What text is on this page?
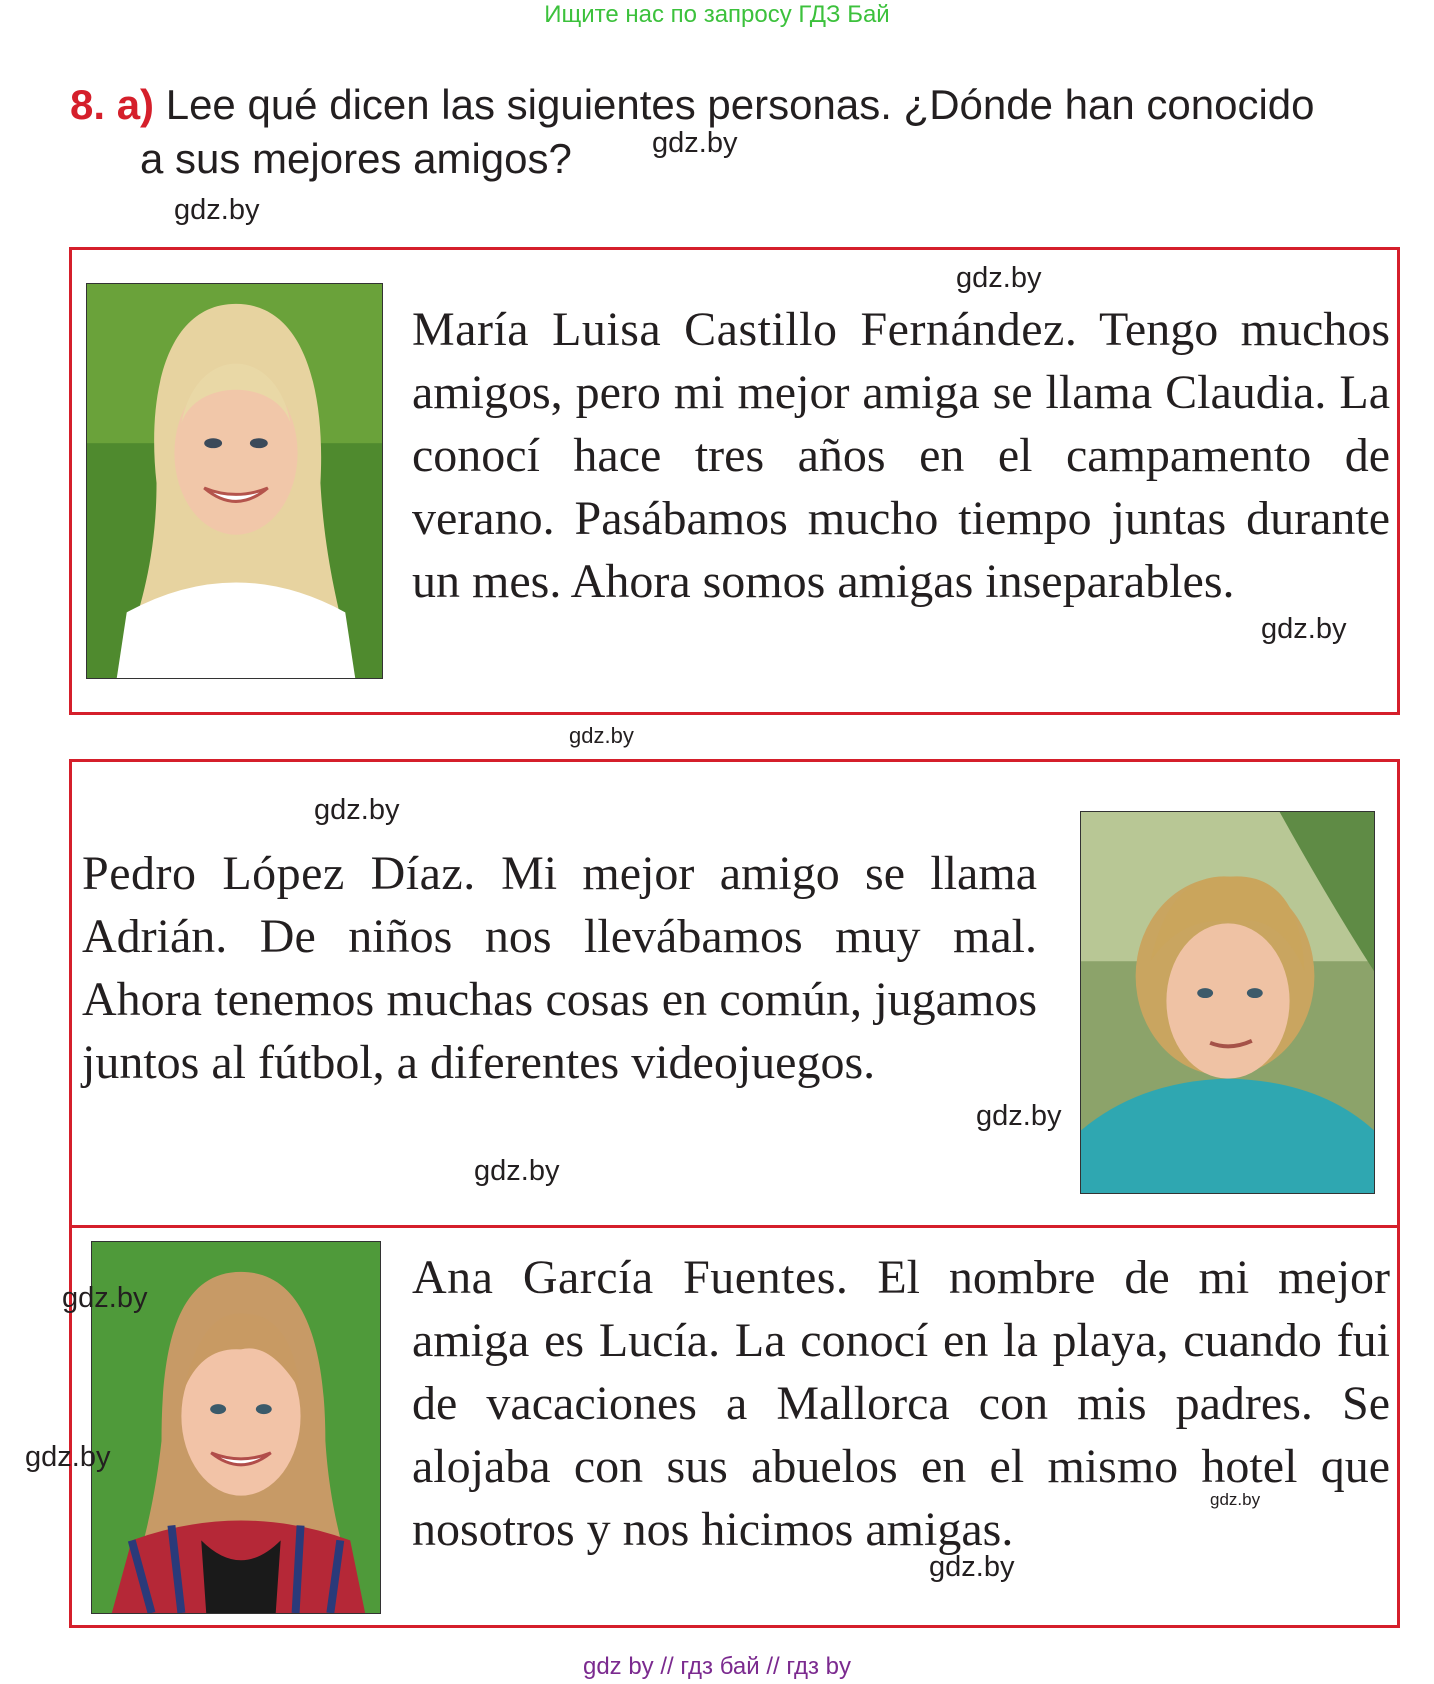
Ищите нас по запросу ГДЗ Бай
8. а) Lee qué dicen las siguientes personas. ¿Dónde han conocido
a sus mejores amigos?
María Luisa Castillo Fernández. Tengo muchos amigos, pero mi mejor amiga se llama Claudia. La conocí hace tres años en el campamento de verano. Pasábamos mucho tiempo juntas durante un mes. Ahora somos amigas inseparables.
Pedro López Díaz. Mi mejor amigo se llama Adrián. De niños nos llevábamos muy mal. Ahora tenemos muchas cosas en común, jugamos juntos al fútbol, a diferentes videojuegos.
Ana García Fuentes. El nombre de mi mejor amiga es Lucía. La conocí en la playa, cuando fui de vacaciones a Mallorca con mis padres. Se alojaba con sus abuelos en el mismo hotel que nosotros y nos hicimos amigas.
gdz.by
gdz.by
gdz.by
gdz.by
gdz.by
gdz.by
gdz.by
gdz.by
gdz.by
gdz.by
gdz.by
gdz.by
gdz by // гдз бай // гдз by
